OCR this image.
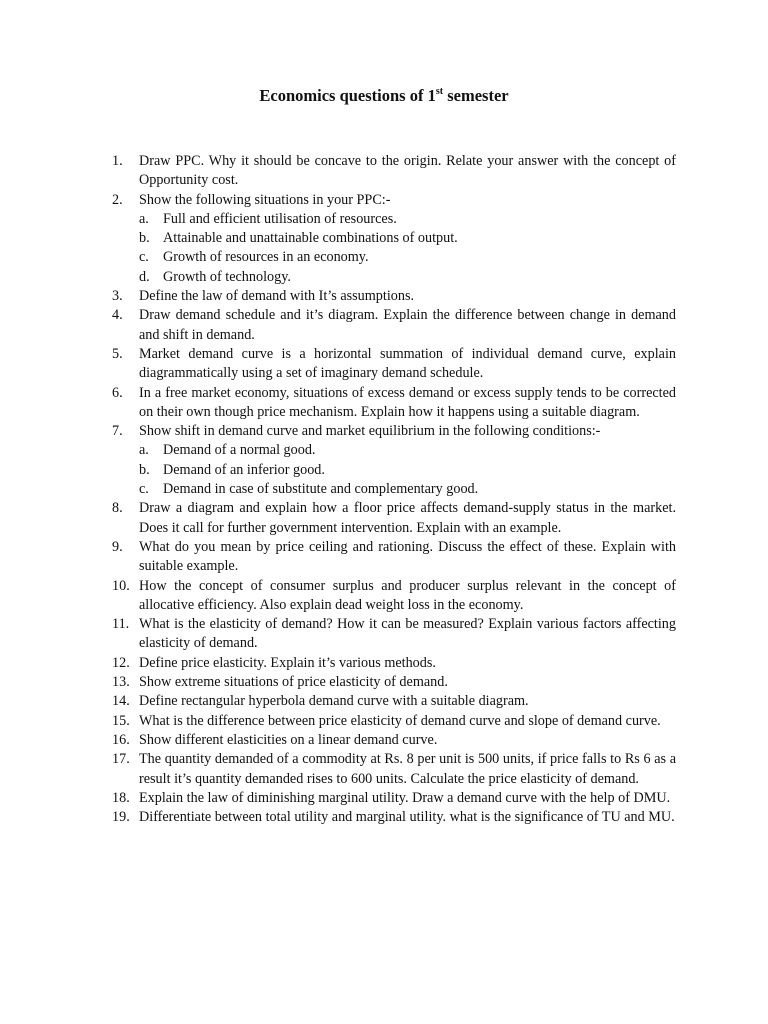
Economics questions of 1st semester
1. Draw PPC. Why it should be concave to the origin. Relate your answer with the concept of Opportunity cost.
2. Show the following situations in your PPC:-
a. Full and efficient utilisation of resources.
b. Attainable and unattainable combinations of output.
c. Growth of resources in an economy.
d. Growth of technology.
3. Define the law of demand with It’s assumptions.
4. Draw demand schedule and it’s diagram. Explain the difference between change in demand and shift in demand.
5. Market demand curve is a horizontal summation of individual demand curve, explain diagrammatically using a set of imaginary demand schedule.
6. In a free market economy, situations of excess demand or excess supply tends to be corrected on their own though price mechanism. Explain how it happens using a suitable diagram.
7. Show shift in demand curve and market equilibrium in the following conditions:-
a. Demand of a normal good.
b. Demand of an inferior good.
c. Demand in case of substitute and complementary good.
8. Draw a diagram and explain how a floor price affects demand-supply status in the market. Does it call for further government intervention. Explain with an example.
9. What do you mean by price ceiling and rationing. Discuss the effect of these. Explain with suitable example.
10. How the concept of consumer surplus and producer surplus relevant in the concept of allocative efficiency. Also explain dead weight loss in the economy.
11. What is the elasticity of demand? How it can be measured? Explain various factors affecting elasticity of demand.
12. Define price elasticity. Explain it’s various methods.
13. Show extreme situations of price elasticity of demand.
14. Define rectangular hyperbola demand curve with a suitable diagram.
15. What is the difference between price elasticity of demand curve and slope of demand curve.
16. Show different elasticities on a linear demand curve.
17. The quantity demanded of a commodity at Rs. 8 per unit is 500 units, if price falls to Rs 6 as a result it’s quantity demanded rises to 600 units. Calculate the price elasticity of demand.
18. Explain the law of diminishing marginal utility. Draw a demand curve with the help of DMU.
19. Differentiate between total utility and marginal utility. what is the significance of TU and MU.
